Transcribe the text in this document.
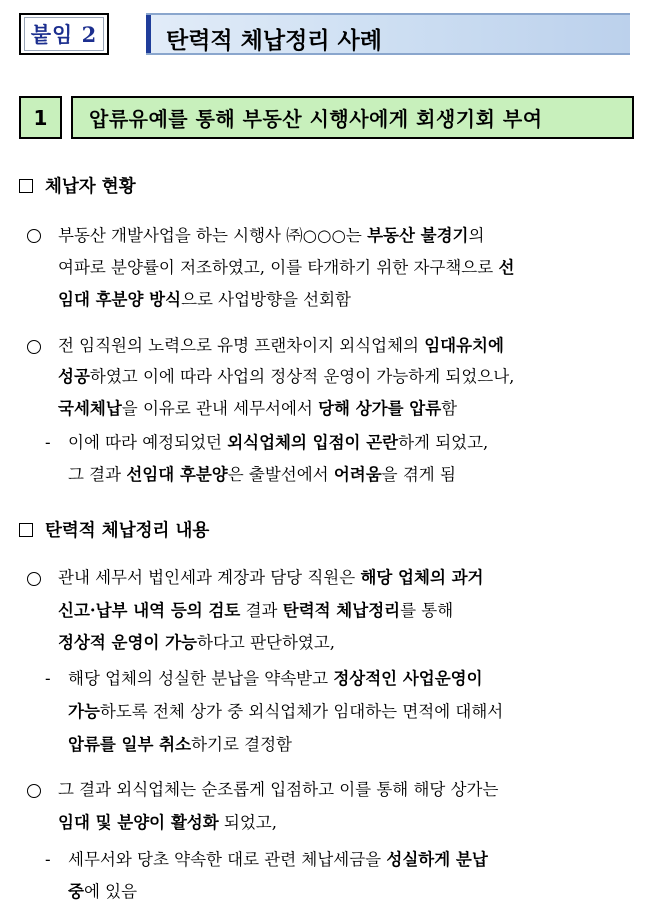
붙임 2	탄력적 체납정리 사례
1	압류유예를 통해 부동산 시행사에게 회생기회 부여
체납자 현황
부동산 개발사업을 하는 시행사 ㈜○○○는 부동산 불경기의
여파로 분양률이 저조하였고, 이를 타개하기 위한 자구책으로 선
임대 후분양 방식으로 사업방향을 선회함
전 임직원의 노력으로 유명 프랜차이지 외식업체의 임대유치에
성공하였고 이에 따라 사업의 정상적 운영이 가능하게 되었으나,
국세체납을 이유로 관내 세무서에서 당해 상가를 압류함
- 이에 따라 예정되었던 외식업체의 입점이 곤란하게 되었고,
그 결과 선임대 후분양은 출발선에서 어려움을 겪게 됨
탄력적 체납정리 내용
관내 세무서 법인세과 계장과 담당 직원은 해당 업체의 과거
신고·납부 내역 등의 검토 결과 탄력적 체납정리를 통해
정상적 운영이 가능하다고 판단하였고,
- 해당 업체의 성실한 분납을 약속받고 정상적인 사업운영이
가능하도록 전체 상가 중 외식업체가 임대하는 면적에 대해서
압류를 일부 취소하기로 결정함
그 결과 외식업체는 순조롭게 입점하고 이를 통해 해당 상가는
임대 및 분양이 활성화 되었고,
- 세무서와 당초 약속한 대로 관련 체납세금을 성실하게 분납
중에 있음
